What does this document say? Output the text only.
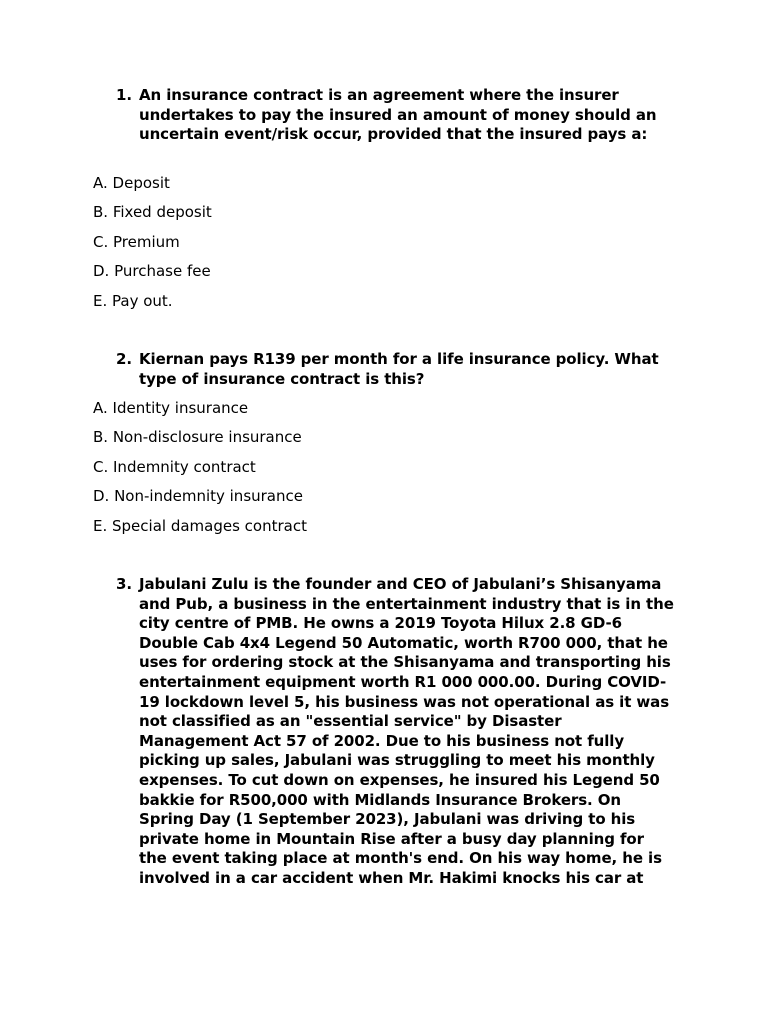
1. An insurance contract is an agreement where the insurer undertakes to pay the insured an amount of money should an uncertain event/risk occur, provided that the insured pays a:
A. Deposit
B. Fixed deposit
C. Premium
D. Purchase fee
E. Pay out.
2. Kiernan pays R139 per month for a life insurance policy. What type of insurance contract is this?
A. Identity insurance
B. Non-disclosure insurance
C. Indemnity contract
D. Non-indemnity insurance
E. Special damages contract
3. Jabulani Zulu is the founder and CEO of Jabulani’s Shisanyama and Pub, a business in the entertainment industry that is in the city centre of PMB. He owns a 2019 Toyota Hilux 2.8 GD-6 Double Cab 4x4 Legend 50 Automatic, worth R700 000, that he uses for ordering stock at the Shisanyama and transporting his entertainment equipment worth R1 000 000.00. During COVID-19 lockdown level 5, his business was not operational as it was not classified as an "essential service" by Disaster Management Act 57 of 2002. Due to his business not fully picking up sales, Jabulani was struggling to meet his monthly expenses. To cut down on expenses, he insured his Legend 50 bakkie for R500,000 with Midlands Insurance Brokers. On Spring Day (1 September 2023), Jabulani was driving to his private home in Mountain Rise after a busy day planning for the event taking place at month's end. On his way home, he is involved in a car accident when Mr. Hakimi knocks his car at
